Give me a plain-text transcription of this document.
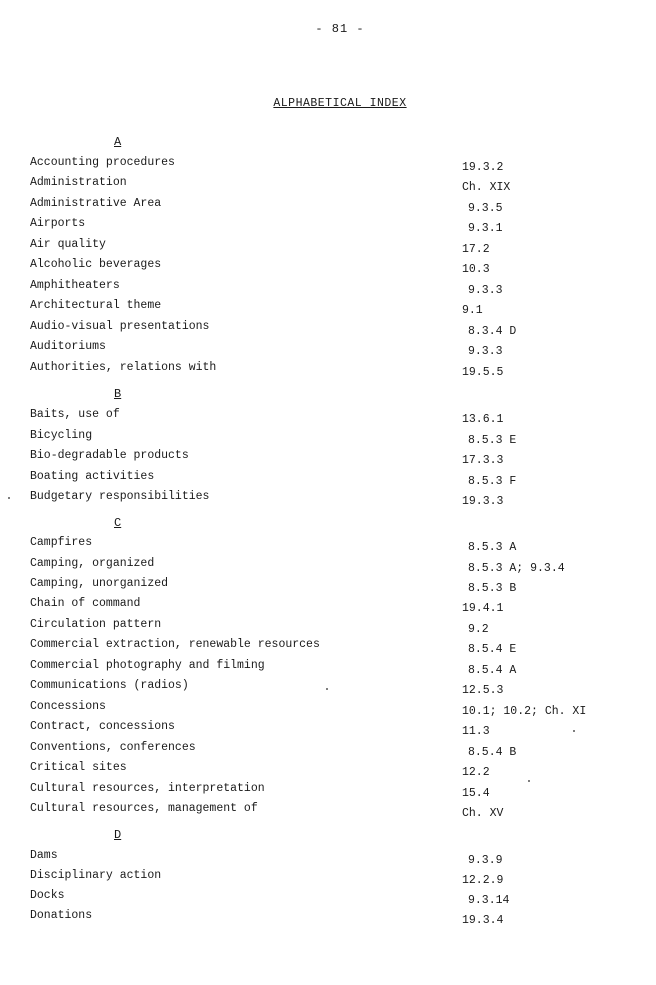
- 81 -
ALPHABETICAL INDEX
A
Accounting procedures	19.3.2
Administration	Ch. XIX
Administrative Area	9.3.5
Airports	9.3.1
Air quality	17.2
Alcoholic beverages	10.3
Amphitheaters	9.3.3
Architectural theme	9.1
Audio-visual presentations	8.3.4 D
Auditoriums	9.3.3
Authorities, relations with	19.5.5
B
Baits, use of	13.6.1
Bicycling	8.5.3 E
Bio-degradable products	17.3.3
Boating activities	8.5.3 F
Budgetary responsibilities	19.3.3
C
Campfires	8.5.3 A
Camping, organized	8.5.3 A; 9.3.4
Camping, unorganized	8.5.3 B
Chain of command	19.4.1
Circulation pattern	9.2
Commercial extraction, renewable resources	8.5.4 E
Commercial photography and filming	8.5.4 A
Communications (radios)	12.5.3
Concessions	10.1; 10.2; Ch. XI
Contract, concessions	11.3
Conventions, conferences	8.5.4 B
Critical sites	12.2
Cultural resources, interpretation	15.4
Cultural resources, management of	Ch. XV
D
Dams	9.3.9
Disciplinary action	12.2.9
Docks	9.3.14
Donations	19.3.4
